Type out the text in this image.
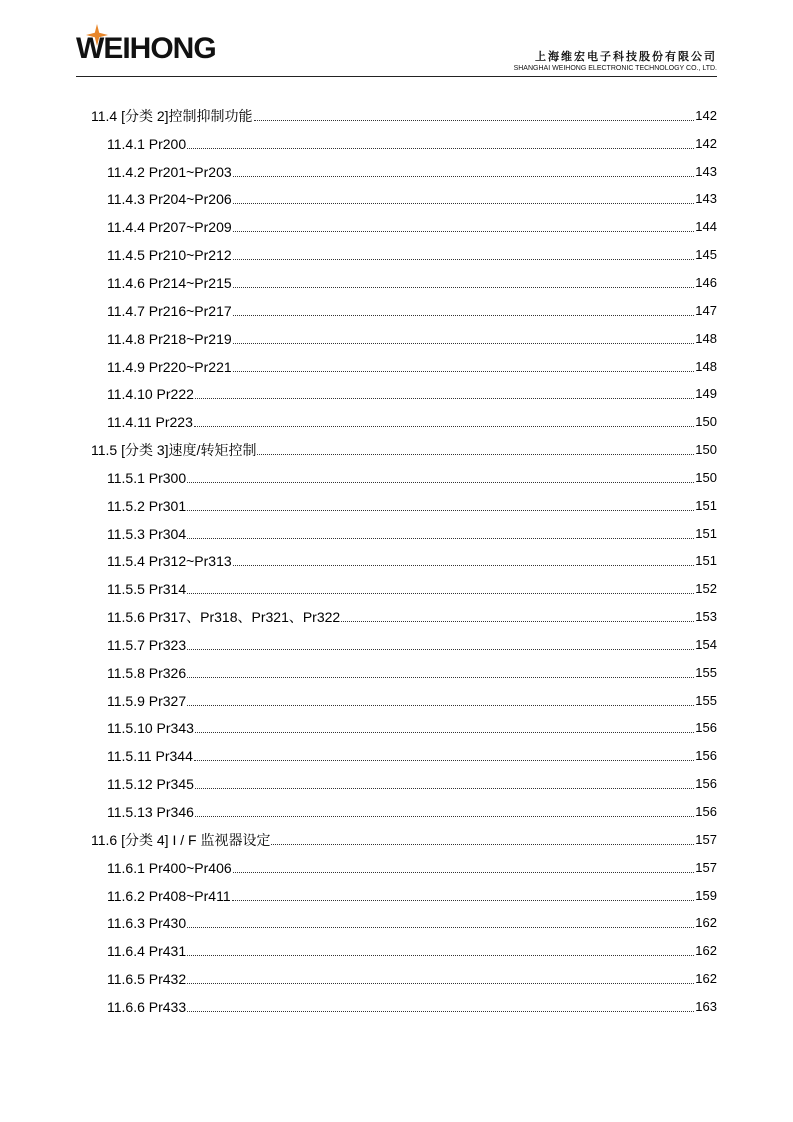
WEIHONG	上海维宏电子科技股份有限公司
SHANGHAI WEIHONG ELECTRONIC TECHNOLOGY CO., LTD.
11.4 [分类 2]控制抑制功能	142
11.4.1 Pr200	142
11.4.2 Pr201~Pr203	143
11.4.3 Pr204~Pr206	143
11.4.4 Pr207~Pr209	144
11.4.5 Pr210~Pr212	145
11.4.6 Pr214~Pr215	146
11.4.7 Pr216~Pr217	147
11.4.8 Pr218~Pr219	148
11.4.9 Pr220~Pr221	148
11.4.10 Pr222	149
11.4.11 Pr223	150
11.5 [分类 3]速度/转矩控制	150
11.5.1 Pr300	150
11.5.2 Pr301	151
11.5.3 Pr304	151
11.5.4 Pr312~Pr313	151
11.5.5 Pr314	152
11.5.6 Pr317、Pr318、Pr321、Pr322	153
11.5.7 Pr323	154
11.5.8 Pr326	155
11.5.9 Pr327	155
11.5.10 Pr343	156
11.5.11 Pr344	156
11.5.12 Pr345	156
11.5.13 Pr346	156
11.6 [分类 4] I / F 监视器设定	157
11.6.1 Pr400~Pr406	157
11.6.2 Pr408~Pr411	159
11.6.3 Pr430	162
11.6.4 Pr431	162
11.6.5 Pr432	162
11.6.6 Pr433	163
